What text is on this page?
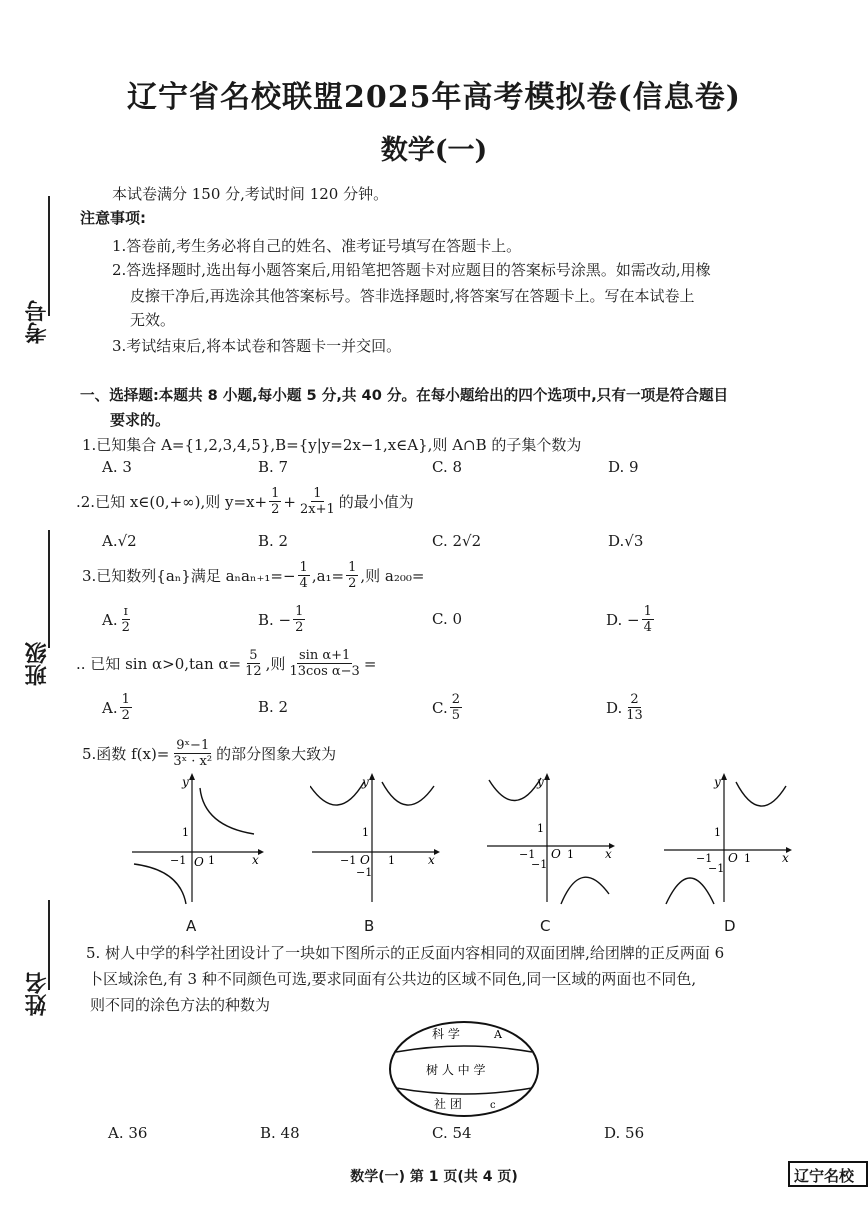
辽宁省名校联盟2025年高考模拟卷(信息卷)
数学(一)
考号
班级
姓名
本试卷满分 150 分,考试时间 120 分钟。
注意事项:
1.答卷前,考生务必将自己的姓名、准考证号填写在答题卡上。
2.答选择题时,选出每小题答案后,用铅笔把答题卡对应题目的答案标号涂黑。如需改动,用橡
皮擦干净后,再选涂其他答案标号。答非选择题时,将答案写在答题卡上。写在本试卷上
无效。
3.考试结束后,将本试卷和答题卡一并交回。
一、选择题:本题共 8 小题,每小题 5 分,共 40 分。在每小题给出的四个选项中,只有一项是符合题目
要求的。
1.已知集合 A={1,2,3,4,5},B={y|y=2x−1,x∈A},则 A∩B 的子集个数为
A. 3	B. 7	C. 8	D. 9
.2.已知 x∈(0,+∞),则 $y=x+ \frac{1}{2} + \frac{1}{2x+1}$ 的最小值为
A.√2	B. 2	C. 2√2	D.√3
3.已知数列{aₙ}满足 $a_na_{n+1}=- \frac{1}{4} ,a_1= \frac{1}{2}$ ,则 a₂₀₀=
A. $\frac{\text{ɪ}}{2}$	B. − $\frac{1}{2}$	C. 0	D. − $\frac{1}{4}$
.. 已知 sin α>0,tan $\alpha= \frac{5}{12}$ ,则 $\frac{\text{sin α+1}}{\text{13cos α−3}}$ =
A. $\frac{1}{2}$	B. 2	C. $\frac{2}{5}$	D. $\frac{2}{13}$
5.函数 $f(x)= \frac{\text{9ˣ−1}}{\text{3ˣ · x²}}$ 的部分图象大致为
y
x
O 1
−1
1
A
y
x
O 1
−1
1
−1
B
y
x
O 1
−1
1
−1
C
y
x
O 1
−1
1
−1
D
5. 树人中学的科学社团设计了一块如下图所示的正反面内容相同的双面团牌,给团牌的正反两面 6
卜区域涂色,有 3 种不同颜色可选,要求同面有公共边的区域不同色,同一区域的两面也不同色,
则不同的涂色方法的种数为
科 学	A
树 人 中 学
社 团	c
A. 36	B. 48	C. 54	D. 56
数学(一) 第 1 页(共 4 页)	辽宁名校
